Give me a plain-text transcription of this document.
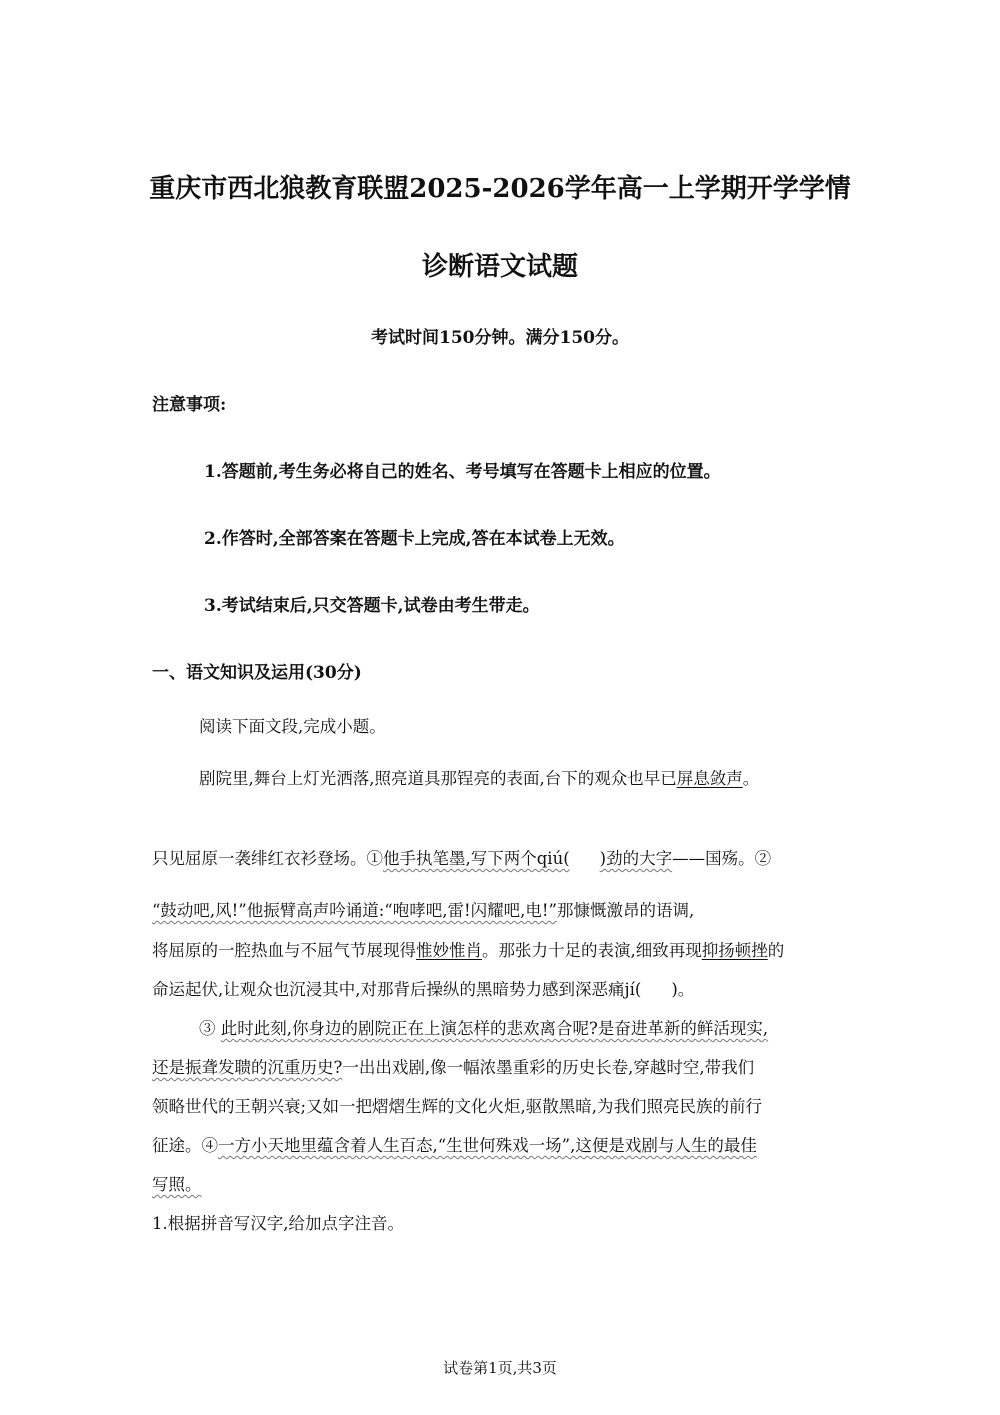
重庆市西北狼教育联盟2025-2026学年高一上学期开学学情
诊断语文试题
考试时间150分钟。满分150分。
注意事项:
1.答题前,考生务必将自己的姓名、考号填写在答题卡上相应的位置。
2.作答时,全部答案在答题卡上完成,答在本试卷上无效。
3.考试结束后,只交答题卡,试卷由考生带走。
一、语文知识及运用(30分)
阅读下面文段,完成小题。
剧院里,舞台上灯光洒落,照亮道具那锃亮的表面,台下的观众也早已屏息敛声。
只见屈原一袭绯红衣衫登场。①他手执笔墨,写下两个qiú( )劲的大字——国殇。②
“鼓动吧,风!”他振臂高声吟诵道:“咆哮吧,雷!闪耀吧,电!”那慷慨激昂的语调,
将屈原的一腔热血与不屈气节展现得惟妙惟肖。那张力十足的表演,细致再现抑扬顿挫的
命运起伏,让观众也沉浸其中,对那背后操纵的黑暗势力感到深恶痛jí( )。
③ 此时此刻,你身边的剧院正在上演怎样的悲欢离合呢?是奋进革新的鲜活现实,
还是振聋发聩的沉重历史?一出出戏剧,像一幅浓墨重彩的历史长卷,穿越时空,带我们
领略世代的王朝兴衰;又如一把熠熠生辉的文化火炬,驱散黑暗,为我们照亮民族的前行
征途。④一方小天地里蕴含着人生百态,“生世何殊戏一场”,这便是戏剧与人生的最佳
写照。
1.根据拼音写汉字,给加点字注音。
试卷第1页,共3页
